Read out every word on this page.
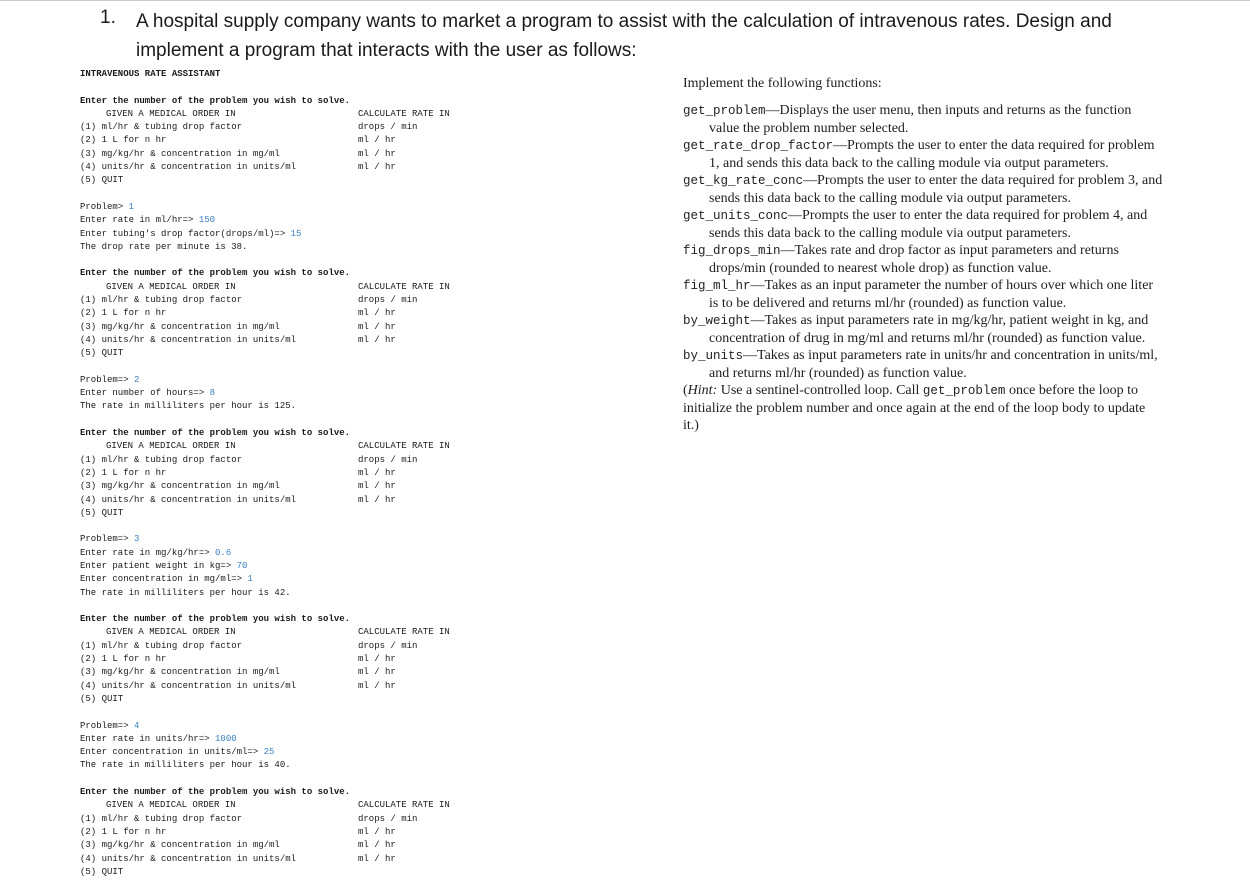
1. A hospital supply company wants to market a program to assist with the calculation of intravenous rates. Design and implement a program that interacts with the user as follows:

INTRAVENOUS RATE ASSISTANT
Enter the number of the problem you wish to solve.
GIVEN A MEDICAL ORDER IN	CALCULATE RATE IN
(1) ml/hr & tubing drop factor	drops / min
(2) 1 L for n hr	ml / hr
(3) mg/kg/hr & concentration in mg/ml	ml / hr
(4) units/hr & concentration in units/ml	ml / hr
(5) QUIT
Problem> 1
Enter rate in ml/hr=> 150
Enter tubing's drop factor(drops/ml)=> 15
The drop rate per minute is 38.
Enter the number of the problem you wish to solve.
GIVEN A MEDICAL ORDER IN	CALCULATE RATE IN
(1) ml/hr & tubing drop factor	drops / min
(2) 1 L for n hr	ml / hr
(3) mg/kg/hr & concentration in mg/ml	ml / hr
(4) units/hr & concentration in units/ml	ml / hr
(5) QUIT
Problem=> 2
Enter number of hours=> 8
The rate in milliliters per hour is 125.
Enter the number of the problem you wish to solve.
GIVEN A MEDICAL ORDER IN	CALCULATE RATE IN
(1) ml/hr & tubing drop factor	drops / min
(2) 1 L for n hr	ml / hr
(3) mg/kg/hr & concentration in mg/ml	ml / hr
(4) units/hr & concentration in units/ml	ml / hr
(5) QUIT
Problem=> 3
Enter rate in mg/kg/hr=> 0.6
Enter patient weight in kg=> 70
Enter concentration in mg/ml=> 1
The rate in milliliters per hour is 42.
Enter the number of the problem you wish to solve.
GIVEN A MEDICAL ORDER IN	CALCULATE RATE IN
(1) ml/hr & tubing drop factor	drops / min
(2) 1 L for n hr	ml / hr
(3) mg/kg/hr & concentration in mg/ml	ml / hr
(4) units/hr & concentration in units/ml	ml / hr
(5) QUIT
Problem=> 4
Enter rate in units/hr=> 1000
Enter concentration in units/ml=> 25
The rate in milliliters per hour is 40.
Enter the number of the problem you wish to solve.
GIVEN A MEDICAL ORDER IN	CALCULATE RATE IN
(1) ml/hr & tubing drop factor	drops / min
(2) 1 L for n hr	ml / hr
(3) mg/kg/hr & concentration in mg/ml	ml / hr
(4) units/hr & concentration in units/ml	ml / hr
(5) QUIT

Implement the following functions:

get_problem—Displays the user menu, then inputs and returns as the function value the problem number selected.

get_rate_drop_factor—Prompts the user to enter the data required for problem 1, and sends this data back to the calling module via output parameters.

get_kg_rate_conc—Prompts the user to enter the data required for problem 3, and sends this data back to the calling module via output parameters.

get_units_conc—Prompts the user to enter the data required for problem 4, and sends this data back to the calling module via output parameters.

fig_drops_min—Takes rate and drop factor as input parameters and returns drops/min (rounded to nearest whole drop) as function value.

fig_ml_hr—Takes as an input parameter the number of hours over which one liter is to be delivered and returns ml/hr (rounded) as function value.

by_weight—Takes as input parameters rate in mg/kg/hr, patient weight in kg, and concentration of drug in mg/ml and returns ml/hr (rounded) as function value.

by_units—Takes as input parameters rate in units/hr and concentration in units/ml, and returns ml/hr (rounded) as function value.

(Hint: Use a sentinel-controlled loop. Call get_problem once before the loop to initialize the problem number and once again at the end of the loop body to update it.)
